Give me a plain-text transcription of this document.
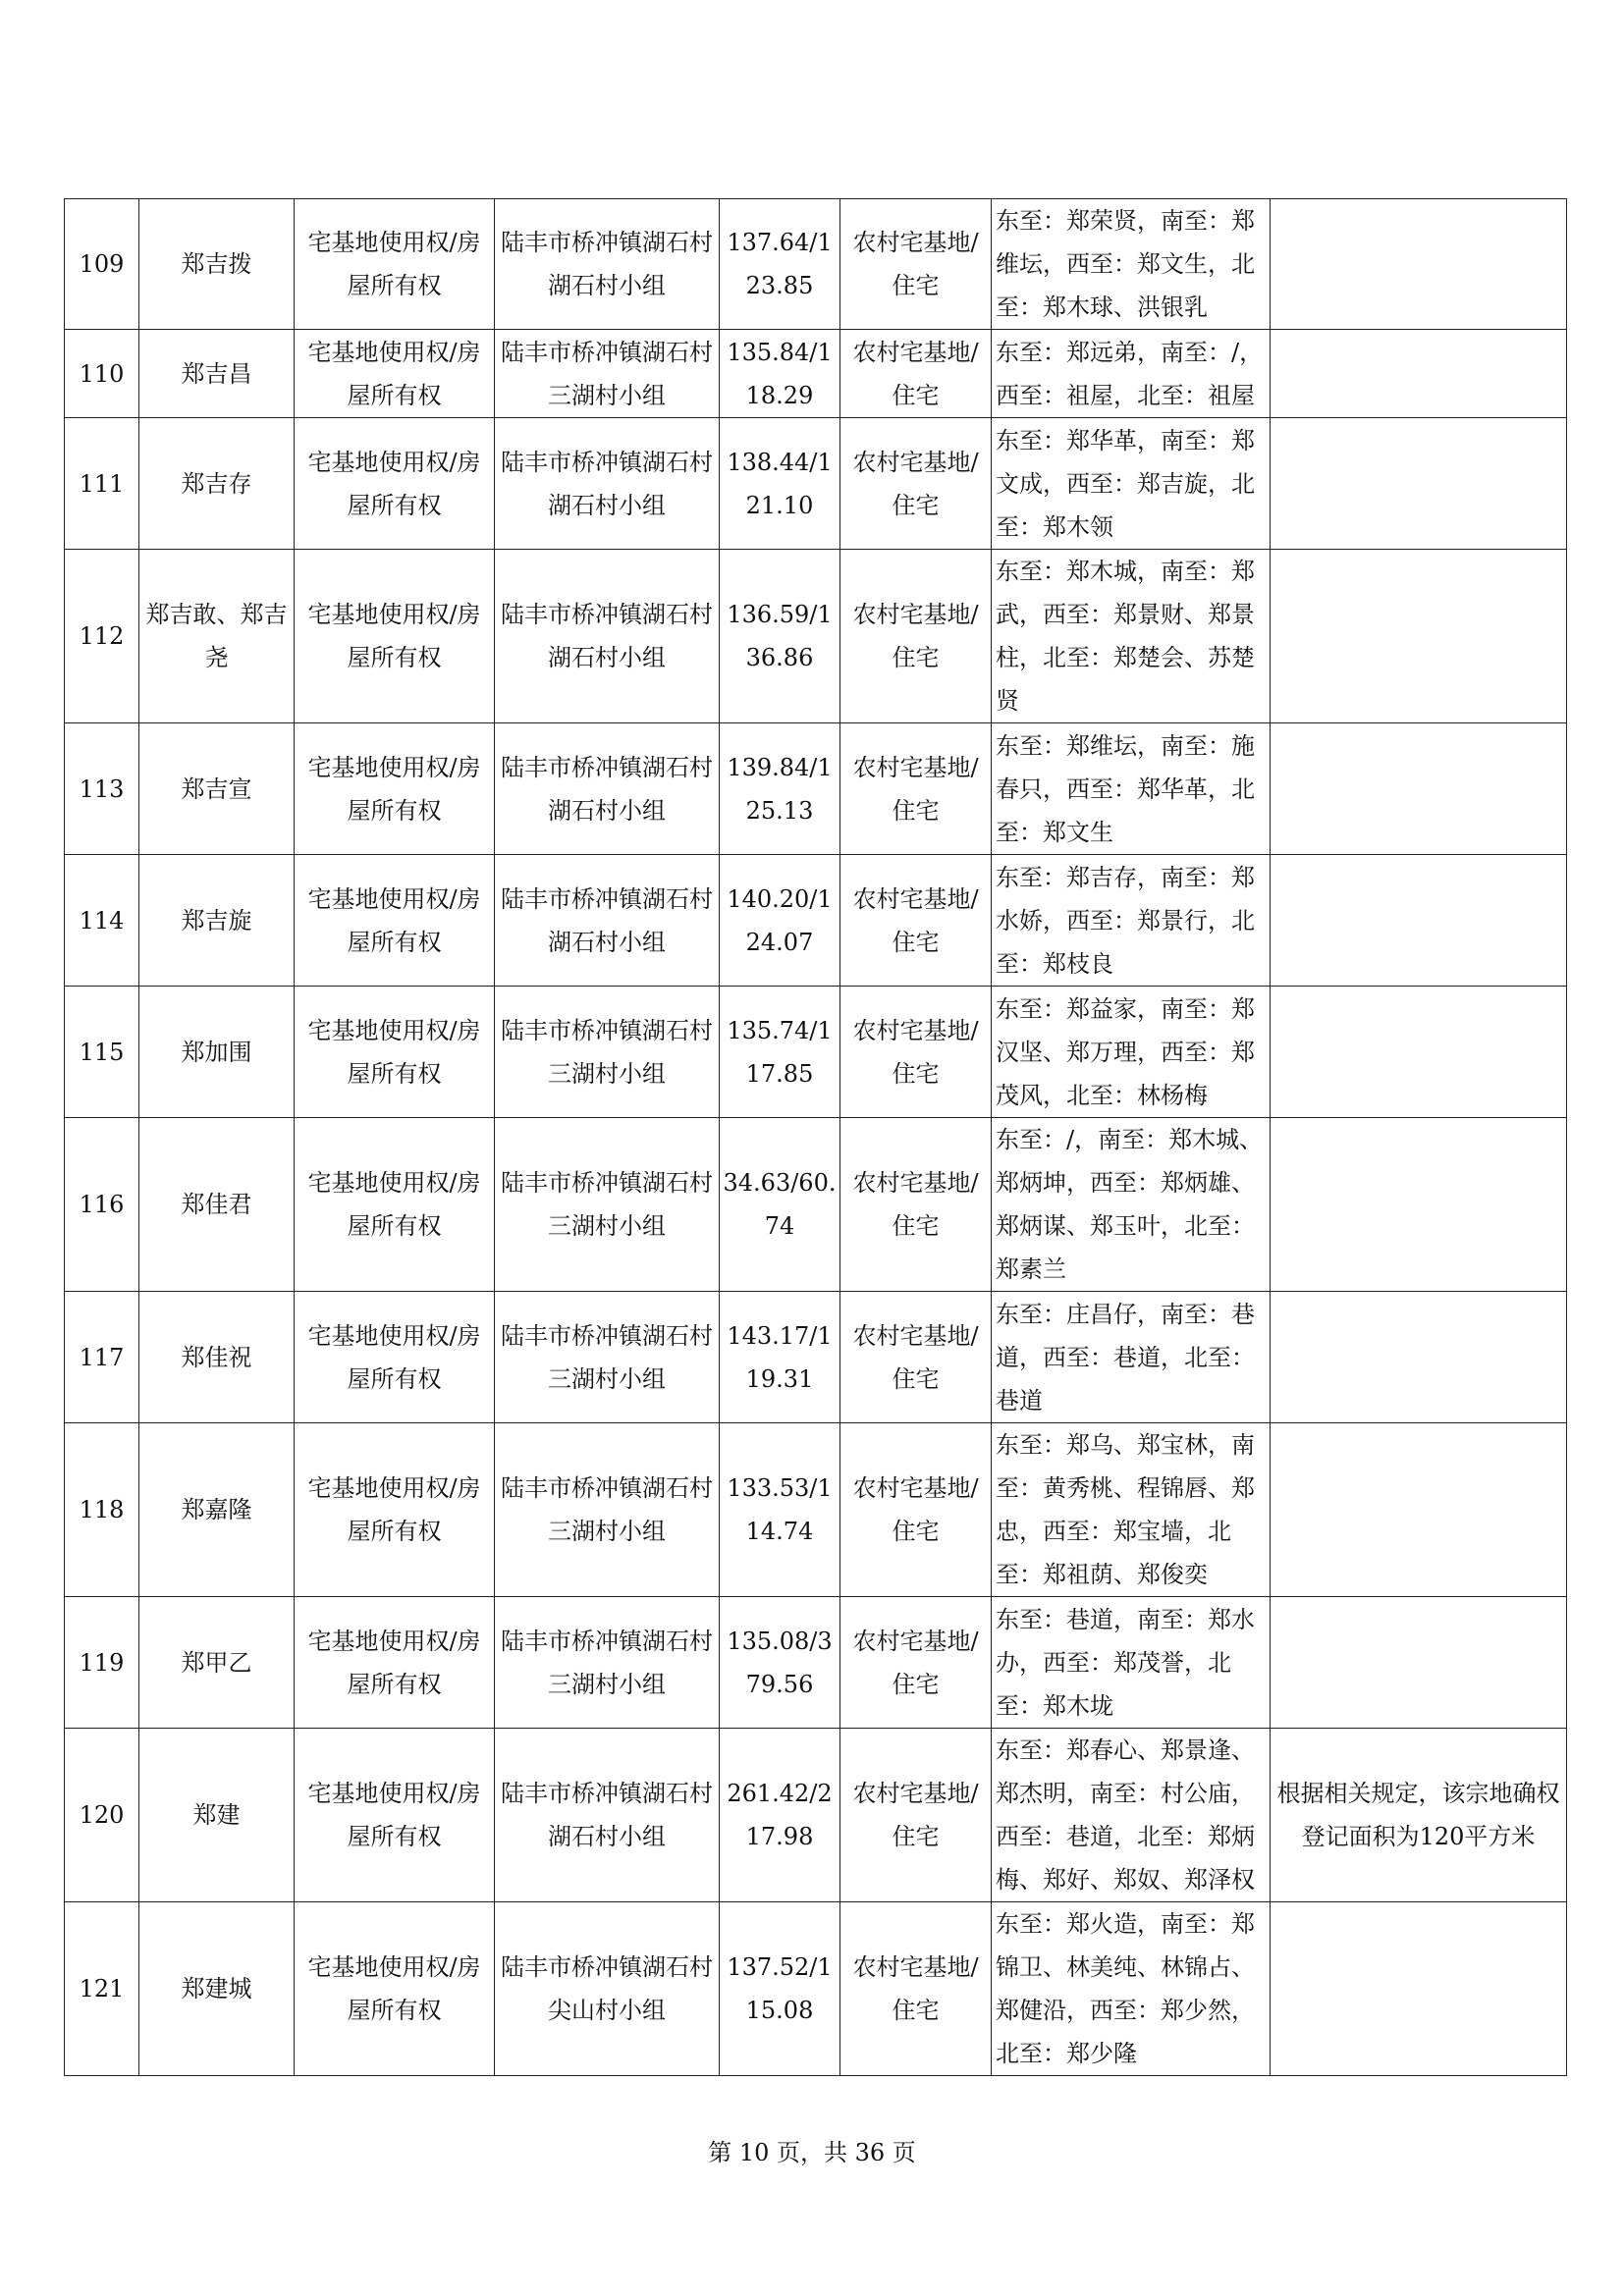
109	郑吉拨	宅基地使用权/房屋所有权	陆丰市桥冲镇湖石村湖石村小组	137.64/123.85	农村宅基地/住宅	东至：郑荣贤，南至：郑维坛，西至：郑文生，北至：郑木球、洪银乳	
110	郑吉昌	宅基地使用权/房屋所有权	陆丰市桥冲镇湖石村三湖村小组	135.84/118.29	农村宅基地/住宅	东至：郑远弟，南至：/，西至：祖屋，北至：祖屋	
111	郑吉存	宅基地使用权/房屋所有权	陆丰市桥冲镇湖石村湖石村小组	138.44/121.10	农村宅基地/住宅	东至：郑华革，南至：郑文成，西至：郑吉旋，北至：郑木领	
112	郑吉敢、郑吉尧	宅基地使用权/房屋所有权	陆丰市桥冲镇湖石村湖石村小组	136.59/136.86	农村宅基地/住宅	东至：郑木城，南至：郑武，西至：郑景财、郑景柱，北至：郑楚会、苏楚贤	
113	郑吉宣	宅基地使用权/房屋所有权	陆丰市桥冲镇湖石村湖石村小组	139.84/125.13	农村宅基地/住宅	东至：郑维坛，南至：施春只，西至：郑华革，北至：郑文生	
114	郑吉旋	宅基地使用权/房屋所有权	陆丰市桥冲镇湖石村湖石村小组	140.20/124.07	农村宅基地/住宅	东至：郑吉存，南至：郑水娇，西至：郑景行，北至：郑枝良	
115	郑加围	宅基地使用权/房屋所有权	陆丰市桥冲镇湖石村三湖村小组	135.74/117.85	农村宅基地/住宅	东至：郑益家，南至：郑汉坚、郑万理，西至：郑茂风，北至：林杨梅	
116	郑佳君	宅基地使用权/房屋所有权	陆丰市桥冲镇湖石村三湖村小组	34.63/60.74	农村宅基地/住宅	东至：/，南至：郑木城、郑炳坤，西至：郑炳雄、郑炳谋、郑玉叶，北至：郑素兰	
117	郑佳祝	宅基地使用权/房屋所有权	陆丰市桥冲镇湖石村三湖村小组	143.17/119.31	农村宅基地/住宅	东至：庄昌仔，南至：巷道，西至：巷道，北至：巷道	
118	郑嘉隆	宅基地使用权/房屋所有权	陆丰市桥冲镇湖石村三湖村小组	133.53/114.74	农村宅基地/住宅	东至：郑乌、郑宝林，南至：黄秀桃、程锦唇、郑忠，西至：郑宝墙，北至：郑祖荫、郑俊奕	
119	郑甲乙	宅基地使用权/房屋所有权	陆丰市桥冲镇湖石村三湖村小组	135.08/379.56	农村宅基地/住宅	东至：巷道，南至：郑水办，西至：郑茂誉，北至：郑木垅	
120	郑建	宅基地使用权/房屋所有权	陆丰市桥冲镇湖石村湖石村小组	261.42/217.98	农村宅基地/住宅	东至：郑春心、郑景逢、郑杰明，南至：村公庙，西至：巷道，北至：郑炳梅、郑好、郑奴、郑泽权	根据相关规定，该宗地确权登记面积为120平方米
121	郑建城	宅基地使用权/房屋所有权	陆丰市桥冲镇湖石村尖山村小组	137.52/115.08	农村宅基地/住宅	东至：郑火造，南至：郑锦卫、林美纯、林锦占、郑健沿，西至：郑少然，北至：郑少隆	
第 10 页，共 36 页
